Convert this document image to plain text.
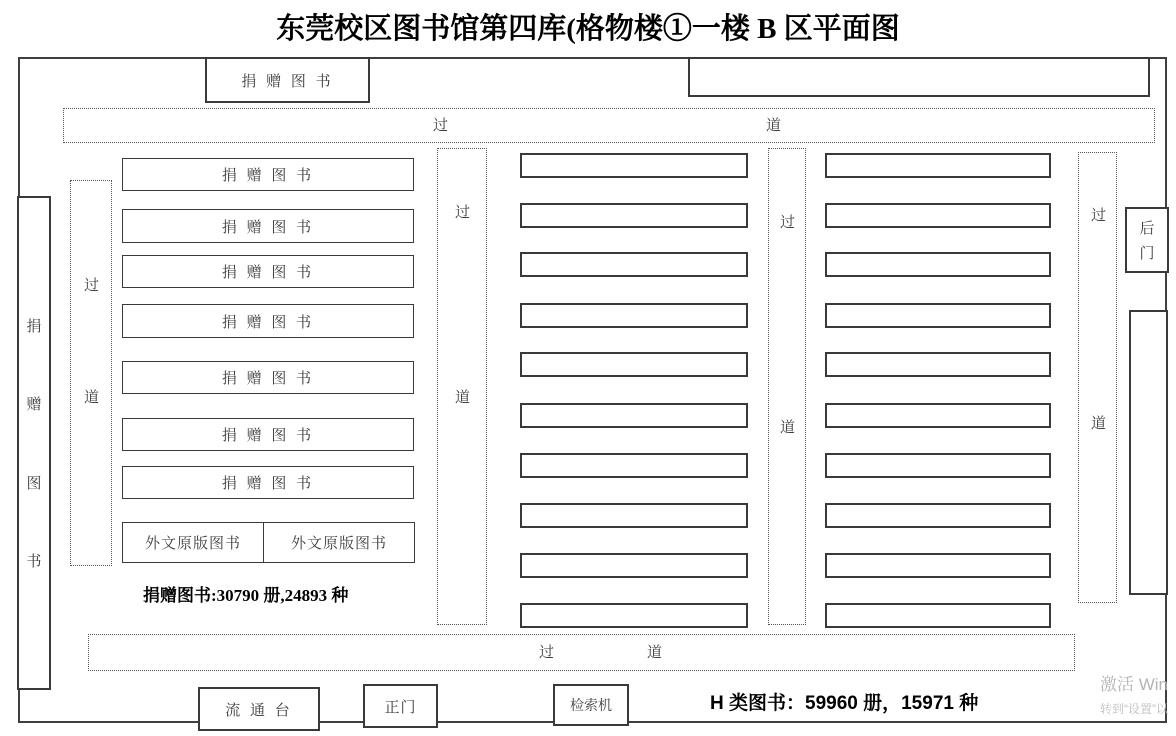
东莞校区图书馆第四库(格物楼①一楼 B 区平面图
过	道
捐 赠 图 书
捐
赠
图
书
过
道
捐 赠 图 书
捐 赠 图 书
捐 赠 图 书
捐 赠 图 书
捐 赠 图 书
捐 赠 图 书
捐 赠 图 书
外文原版图书	外文原版图书
捐赠图书:30790 册,24893 种
过
道
过
道
过
道
后
门
过	道
流 通 台	正门	检索机	H 类图书：59960 册，15971 种
激活 Win
转到“设置”以
